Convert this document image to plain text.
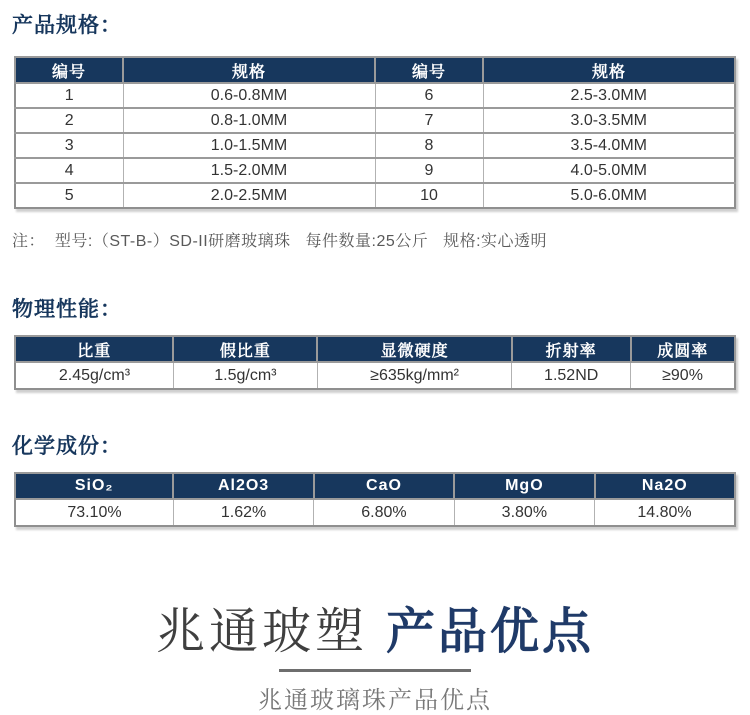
产品规格：
编号	规格	编号	规格
1	0.6-0.8MM	6	2.5-3.0MM
2	0.8-1.0MM	7	3.0-3.5MM
3	1.0-1.5MM	8	3.5-4.0MM
4	1.5-2.0MM	9	4.0-5.0MM
5	2.0-2.5MM	10	5.0-6.0MM
注：  型号:（ST-B-）SD-II研磨玻璃珠   每件数量:25公斤   规格:实心透明
物理性能：
比重	假比重	显微硬度	折射率	成圆率
2.45g/cm³	1.5g/cm³	≥635kg/mm²	1.52ND	≥90%
化学成份：
SiO₂	Al2O3	CaO	MgO	Na2O
73.10%	1.62%	6.80%	3.80%	14.80%
兆通玻塑 产品优点
兆通玻璃珠产品优点
